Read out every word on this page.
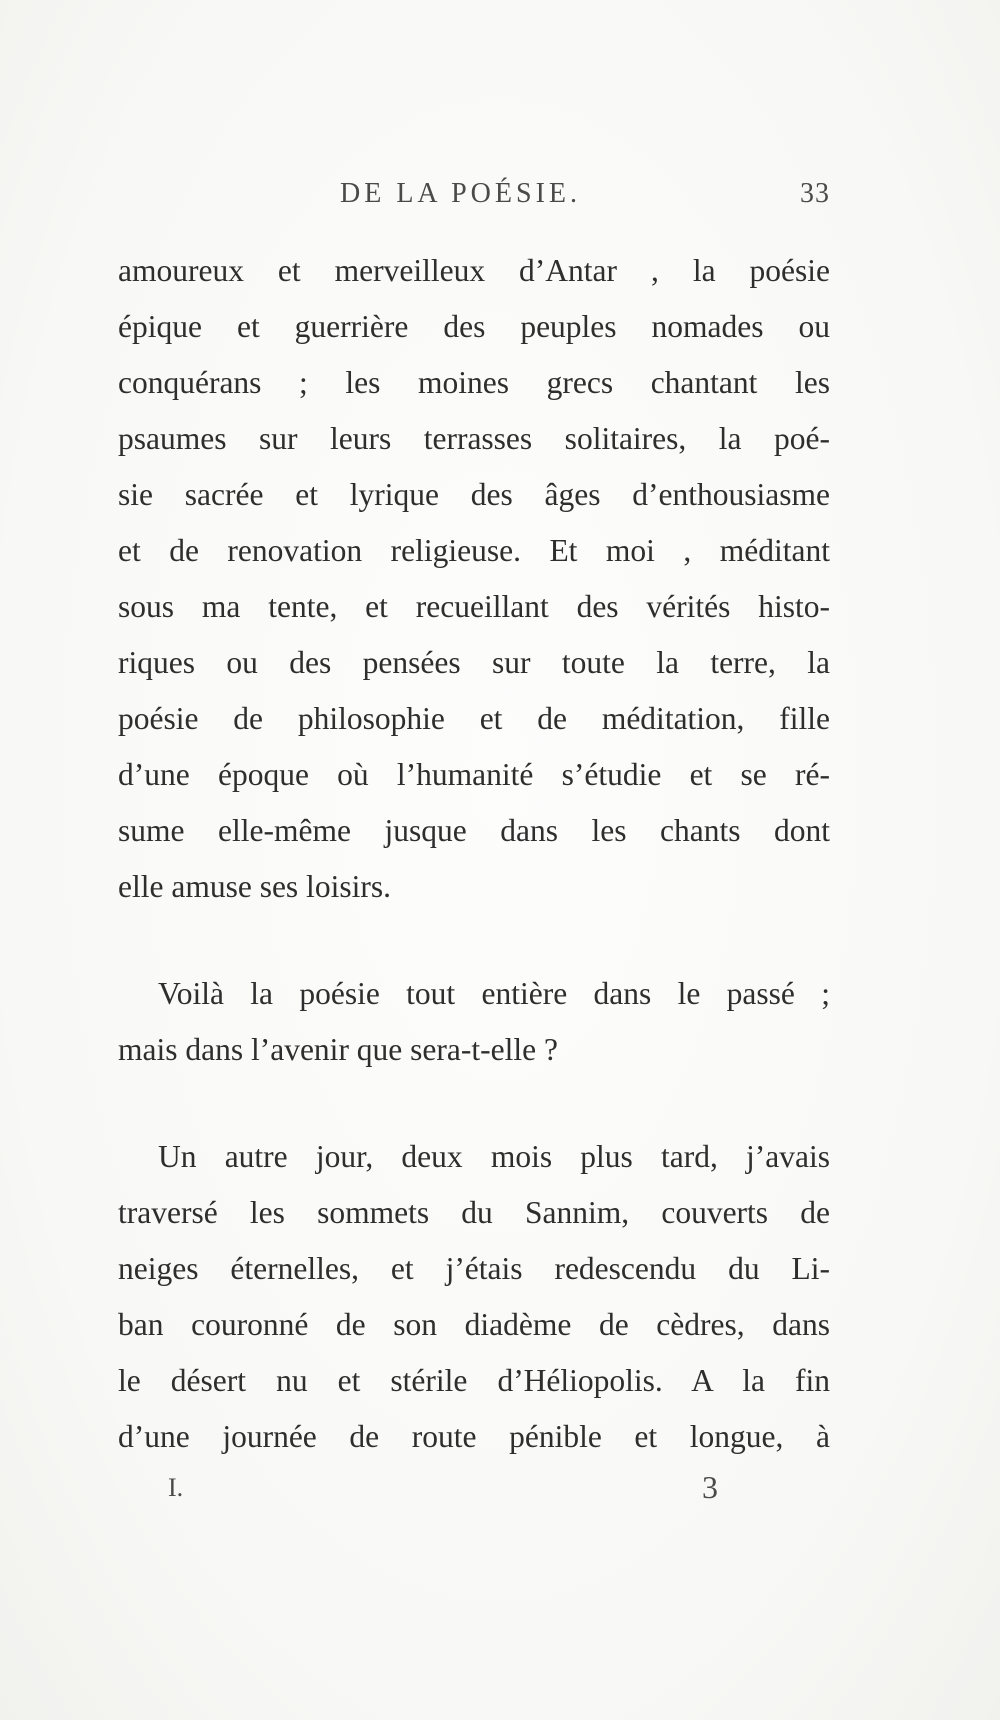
DE LA POÉSIE.	33
amoureux et merveilleux d’Antar , la poésie
épique et guerrière des peuples nomades ou
conquérans ; les moines grecs chantant les
psaumes sur leurs terrasses solitaires, la poé-
sie sacrée et lyrique des âges d’enthousiasme
et de renovation religieuse. Et moi , méditant
sous ma tente, et recueillant des vérités histo-
riques ou des pensées sur toute la terre, la
poésie de philosophie et de méditation, fille
d’une époque où l’humanité s’étudie et se ré-
sume elle-même jusque dans les chants dont
elle amuse ses loisirs.
Voilà la poésie tout entière dans le passé ;
mais dans l’avenir que sera-t-elle ?
Un autre jour, deux mois plus tard, j’avais
traversé les sommets du Sannim, couverts de
neiges éternelles, et j’étais redescendu du Li-
ban couronné de son diadème de cèdres, dans
le désert nu et stérile d’Héliopolis. A la fin
d’une journée de route pénible et longue, à
I.	3
